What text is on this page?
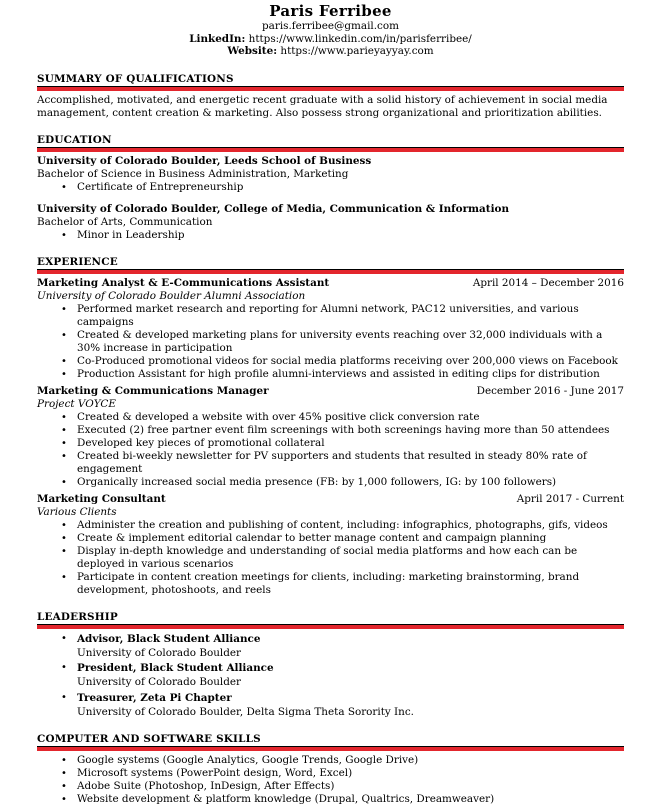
Paris Ferribee
paris.ferribee@gmail.com
LinkedIn: https://www.linkedin.com/in/parisferribee/
Website: https://www.parieyayyay.com
SUMMARY OF QUALIFICATIONS
Accomplished, motivated, and energetic recent graduate with a solid history of achievement in social media management, content creation & marketing. Also possess strong organizational and prioritization abilities.
EDUCATION
University of Colorado Boulder, Leeds School of Business
Bachelor of Science in Business Administration, Marketing
• Certificate of Entrepreneurship
University of Colorado Boulder, College of Media, Communication & Information
Bachelor of Arts, Communication
• Minor in Leadership
EXPERIENCE
Marketing Analyst & E-Communications Assistant	April 2014 – December 2016
University of Colorado Boulder Alumni Association
• Performed market research and reporting for Alumni network, PAC12 universities, and various campaigns
• Created & developed marketing plans for university events reaching over 32,000 individuals with a 30% increase in participation
• Co-Produced promotional videos for social media platforms receiving over 200,000 views on Facebook
• Production Assistant for high profile alumni-interviews and assisted in editing clips for distribution
Marketing & Communications Manager	December 2016 - June 2017
Project VOYCE
• Created & developed a website with over 45% positive click conversion rate
• Executed (2) free partner event film screenings with both screenings having more than 50 attendees
• Developed key pieces of promotional collateral
• Created bi-weekly newsletter for PV supporters and students that resulted in steady 80% rate of engagement
• Organically increased social media presence (FB: by 1,000 followers, IG: by 100 followers)
Marketing Consultant	April 2017 - Current
Various Clients
• Administer the creation and publishing of content, including: infographics, photographs, gifs, videos
• Create & implement editorial calendar to better manage content and campaign planning
• Display in-depth knowledge and understanding of social media platforms and how each can be deployed in various scenarios
• Participate in content creation meetings for clients, including: marketing brainstorming, brand development, photoshoots, and reels
LEADERSHIP
• Advisor, Black Student Alliance
University of Colorado Boulder
• President, Black Student Alliance
University of Colorado Boulder
• Treasurer, Zeta Pi Chapter
University of Colorado Boulder, Delta Sigma Theta Sorority Inc.
COMPUTER AND SOFTWARE SKILLS
• Google systems (Google Analytics, Google Trends, Google Drive)
• Microsoft systems (PowerPoint design, Word, Excel)
• Adobe Suite (Photoshop, InDesign, After Effects)
• Website development & platform knowledge (Drupal, Qualtrics, Dreamweaver)
